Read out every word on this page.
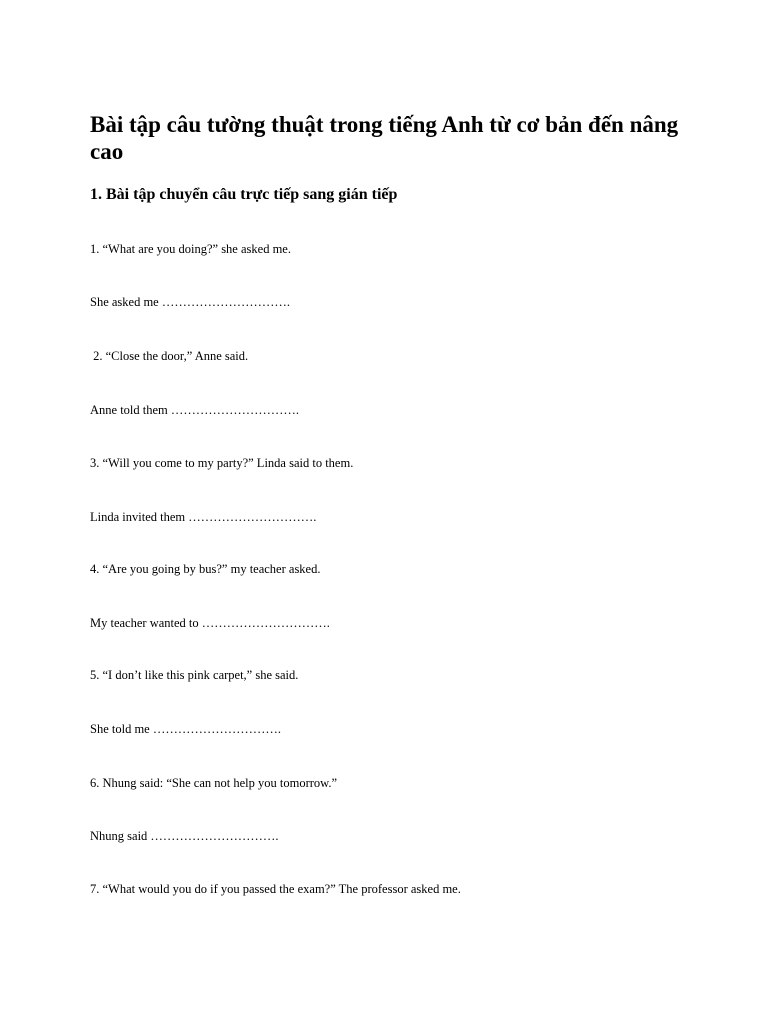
Bài tập câu tường thuật trong tiếng Anh từ cơ bản đến nâng cao
1. Bài tập chuyển câu trực tiếp sang gián tiếp

1. “What are you doing?” she asked me.

She asked me ………………………….

2. “Close the door,” Anne said.

Anne told them ………………………….

3. “Will you come to my party?” Linda said to them.

Linda invited them ………………………….

4. “Are you going by bus?” my teacher asked.

My teacher wanted to ………………………….

5. “I don’t like this pink carpet,” she said.

She told me ………………………….

6. Nhung said: “She can not help you tomorrow.”

Nhung said ………………………….

7. “What would you do if you passed the exam?” The professor asked me.
